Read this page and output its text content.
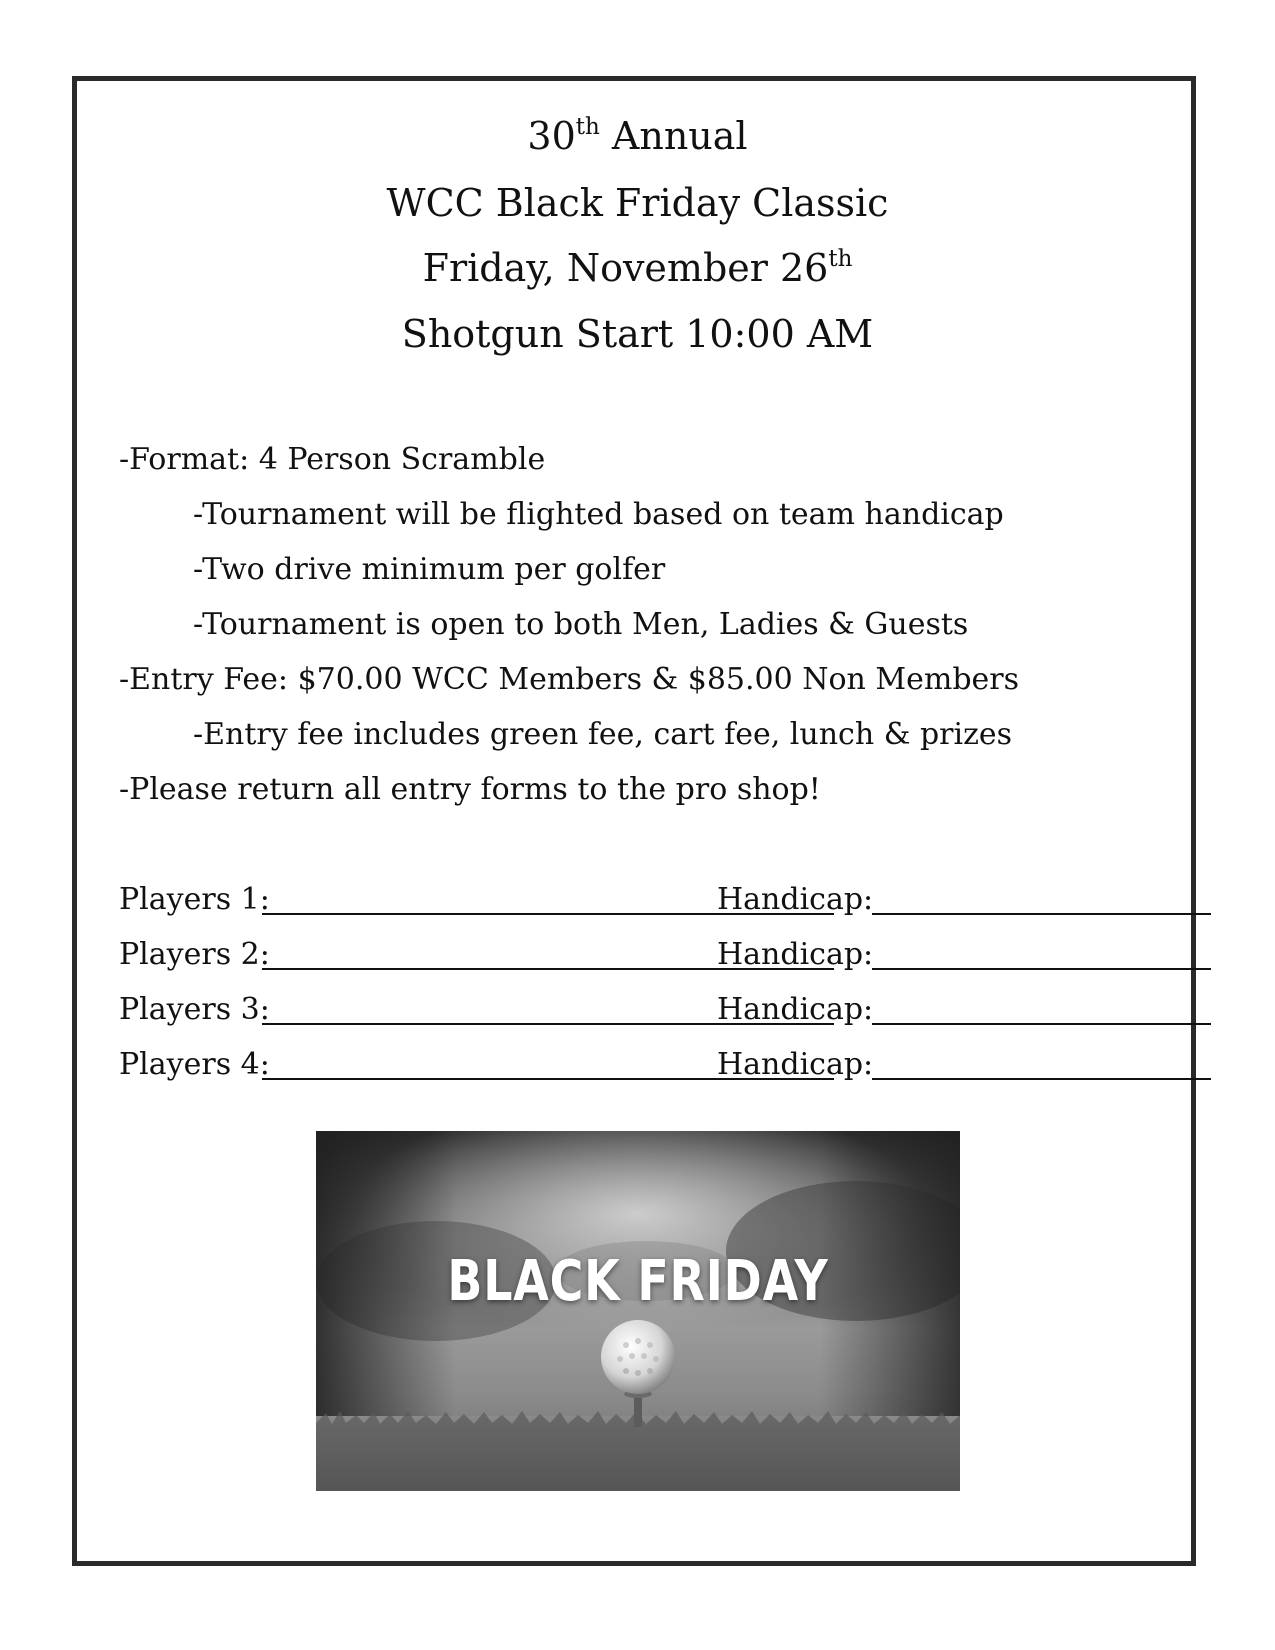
30th Annual
WCC Black Friday Classic
Friday, November 26th
Shotgun Start 10:00 AM
-Format: 4 Person Scramble
-Tournament will be flighted based on team handicap
-Two drive minimum per golfer
-Tournament is open to both Men, Ladies & Guests
-Entry Fee: $70.00 WCC Members & $85.00 Non Members
-Entry fee includes green fee, cart fee, lunch & prizes
-Please return all entry forms to the pro shop!
Players 1:	Handicap:
Players 2:	Handicap:
Players 3:	Handicap:
Players 4:	Handicap:
BLACK FRIDAY
